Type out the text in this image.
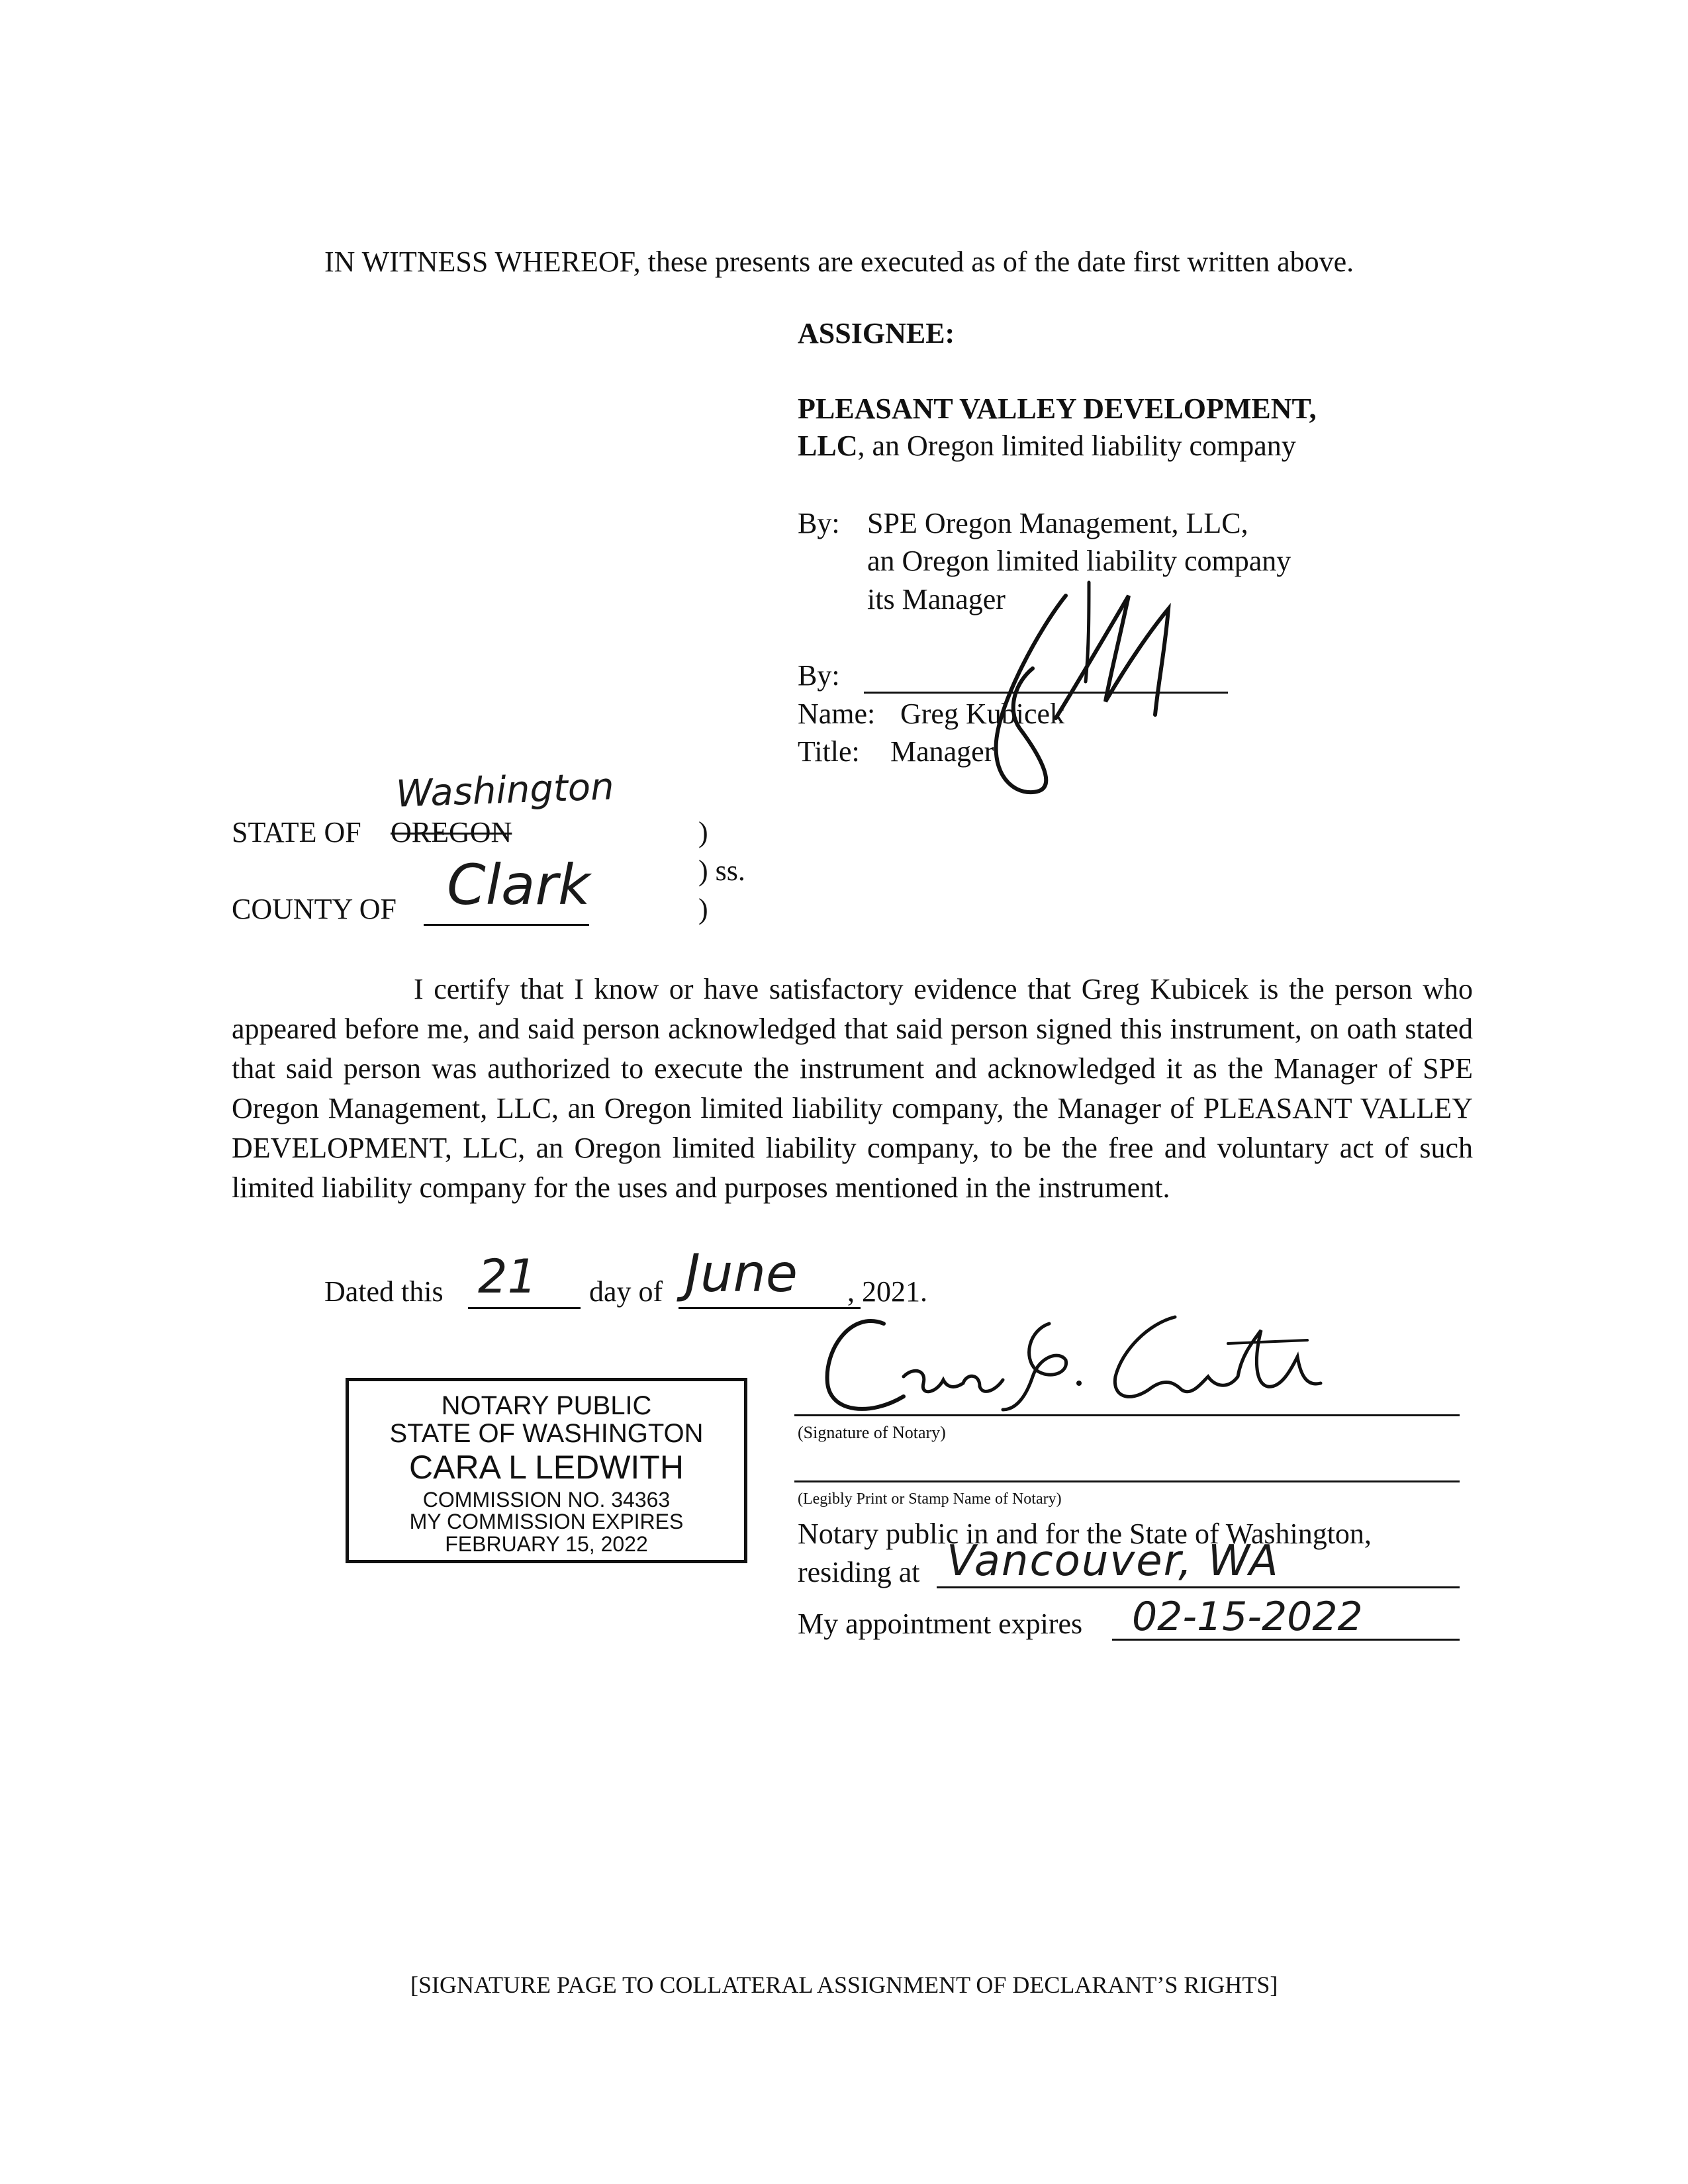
IN WITNESS WHEREOF, these presents are executed as of the date first written above.
ASSIGNEE:
PLEASANT VALLEY DEVELOPMENT,
LLC, an Oregon limited liability company
By: SPE Oregon Management, LLC,
an Oregon limited liability company
its Manager
By:
Name: Greg Kubicek
Title: Manager
STATE OF OREGON
Washington
)
) ss.
)
COUNTY OF Clark
I certify that I know or have satisfactory evidence that Greg Kubicek is the person who appeared before me, and said person acknowledged that said person signed this instrument, on oath stated that said person was authorized to execute the instrument and acknowledged it as the Manager of SPE Oregon Management, LLC, an Oregon limited liability company, the Manager of PLEASANT VALLEY DEVELOPMENT, LLC, an Oregon limited liability company, to be the free and voluntary act of such limited liability company for the uses and purposes mentioned in the instrument.
Dated this 21 day of June , 2021.
NOTARY PUBLIC
STATE OF WASHINGTON
CARA L LEDWITH
COMMISSION NO. 34363
MY COMMISSION EXPIRES
FEBRUARY 15, 2022
(Signature of Notary)
(Legibly Print or Stamp Name of Notary)
Notary public in and for the State of Washington,
residing at Vancouver, WA
My appointment expires 02-15-2022
[SIGNATURE PAGE TO COLLATERAL ASSIGNMENT OF DECLARANT’S RIGHTS]
